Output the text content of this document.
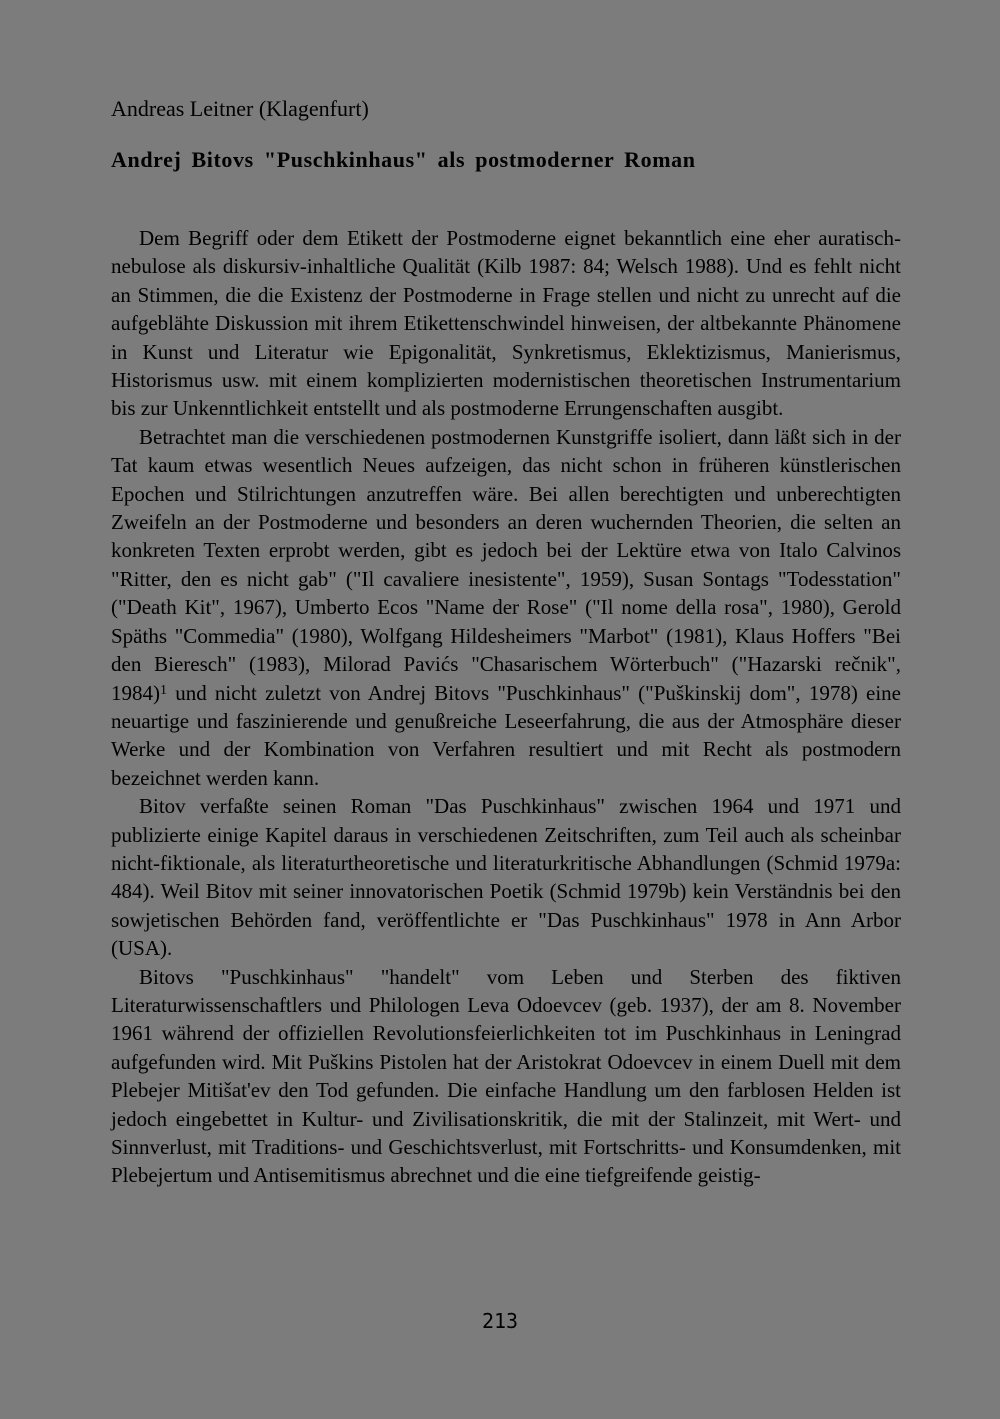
Andreas Leitner (Klagenfurt)
Andrej Bitovs "Puschkinhaus" als postmoderner Roman

Dem Begriff oder dem Etikett der Postmoderne eignet bekanntlich eine eher auratisch-nebulose als diskursiv-inhaltliche Qualität (Kilb 1987: 84; Welsch 1988). Und es fehlt nicht an Stimmen, die die Existenz der Postmoderne in Frage stellen und nicht zu unrecht auf die aufgeblähte Diskussion mit ihrem Etikettenschwindel hinweisen, der altbekannte Phänomene in Kunst und Literatur wie Epigonalität, Synkretismus, Eklektizismus, Manierismus, Historismus usw. mit einem komplizierten modernistischen theoretischen Instrumentarium bis zur Unkenntlichkeit entstellt und als postmoderne Errungenschaften ausgibt.

Betrachtet man die verschiedenen postmodernen Kunstgriffe isoliert, dann läßt sich in der Tat kaum etwas wesentlich Neues aufzeigen, das nicht schon in früheren künstlerischen Epochen und Stilrichtungen anzutreffen wäre. Bei allen berechtigten und unberechtigten Zweifeln an der Postmoderne und besonders an deren wuchernden Theorien, die selten an konkreten Texten erprobt werden, gibt es jedoch bei der Lektüre etwa von Italo Calvinos "Ritter, den es nicht gab" ("Il cavaliere inesistente", 1959), Susan Sontags "Todesstation" ("Death Kit", 1967), Umberto Ecos "Name der Rose" ("Il nome della rosa", 1980), Gerold Späths "Commedia" (1980), Wolfgang Hildesheimers "Marbot" (1981), Klaus Hoffers "Bei den Bieresch" (1983), Milorad Pavićs "Chasarischem Wörterbuch" ("Hazarski rečnik", 1984)$^1$ und nicht zuletzt von Andrej Bitovs "Puschkinhaus" ("Puškinskij dom", 1978) eine neuartige und faszinierende und genußreiche Leseerfahrung, die aus der Atmosphäre dieser Werke und der Kombination von Verfahren resultiert und mit Recht als postmodern bezeichnet werden kann.

Bitov verfaßte seinen Roman "Das Puschkinhaus" zwischen 1964 und 1971 und publizierte einige Kapitel daraus in verschiedenen Zeitschriften, zum Teil auch als scheinbar nicht-fiktionale, als literaturtheoretische und literaturkritische Abhandlungen (Schmid 1979a: 484). Weil Bitov mit seiner innovatorischen Poetik (Schmid 1979b) kein Verständnis bei den sowjetischen Behörden fand, veröffentlichte er "Das Puschkinhaus" 1978 in Ann Arbor (USA).

Bitovs "Puschkinhaus" "handelt" vom Leben und Sterben des fiktiven Literaturwissenschaftlers und Philologen Leva Odoevcev (geb. 1937), der am 8. November 1961 während der offiziellen Revolutionsfeierlichkeiten tot im Puschkinhaus in Leningrad aufgefunden wird. Mit Puškins Pistolen hat der Aristokrat Odoevcev in einem Duell mit dem Plebejer Mitišat'ev den Tod gefunden. Die einfache Handlung um den farblosen Helden ist jedoch eingebettet in Kultur- und Zivilisationskritik, die mit der Stalinzeit, mit Wert- und Sinnverlust, mit Traditions- und Geschichtsverlust, mit Fortschritts- und Konsumdenken, mit Plebejertum und Antisemitismus abrechnet und die eine tiefgreifende geistig-

213
